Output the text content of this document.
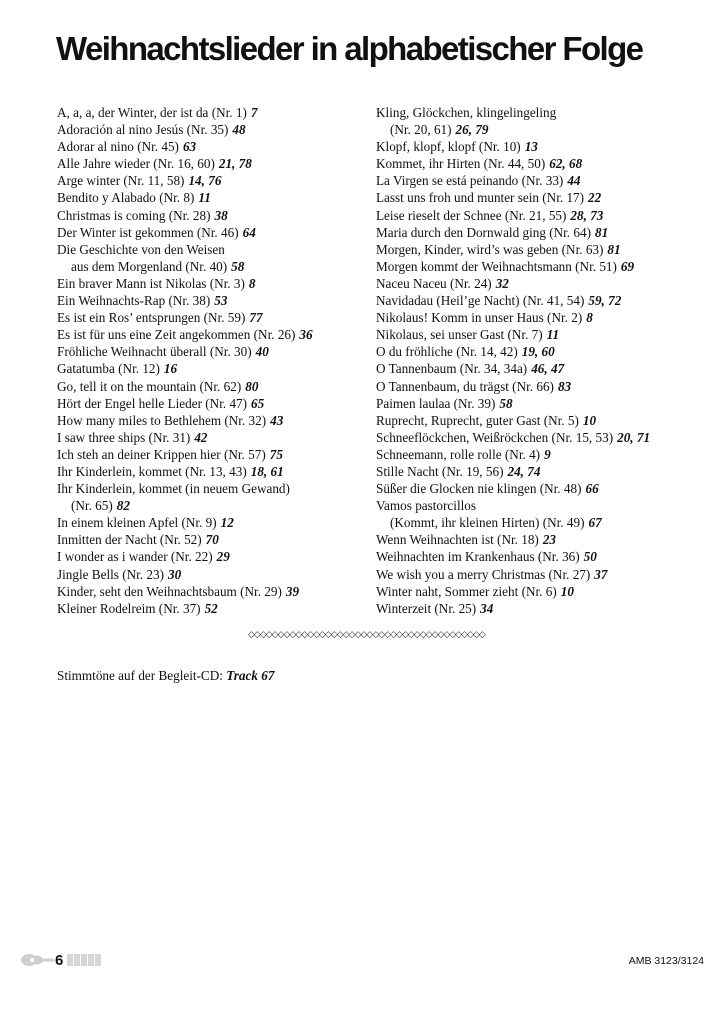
Weihnachtslieder in alphabetischer Folge
A, a, a, der Winter, der ist da (Nr. 1) 7
Adoración al nino Jesús (Nr. 35) 48
Adorar al nino (Nr. 45) 63
Alle Jahre wieder (Nr. 16, 60) 21, 78
Arge winter (Nr. 11, 58) 14, 76
Bendito y Alabado (Nr. 8) 11
Christmas is coming (Nr. 28) 38
Der Winter ist gekommen (Nr. 46) 64
Die Geschichte von den Weisen
aus dem Morgenland (Nr. 40) 58
Ein braver Mann ist Nikolas (Nr. 3) 8
Ein Weihnachts-Rap (Nr. 38) 53
Es ist ein Ros’ entsprungen (Nr. 59) 77
Es ist für uns eine Zeit angekommen (Nr. 26) 36
Fröhliche Weihnacht überall (Nr. 30) 40
Gatatumba (Nr. 12) 16
Go, tell it on the mountain (Nr. 62) 80
Hört der Engel helle Lieder (Nr. 47) 65
How many miles to Bethlehem (Nr. 32) 43
I saw three ships (Nr. 31) 42
Ich steh an deiner Krippen hier (Nr. 57) 75
Ihr Kinderlein, kommet (Nr. 13, 43) 18, 61
Ihr Kinderlein, kommet (in neuem Gewand)
(Nr. 65) 82
In einem kleinen Apfel (Nr. 9) 12
Inmitten der Nacht (Nr. 52) 70
I wonder as i wander (Nr. 22) 29
Jingle Bells (Nr. 23) 30
Kinder, seht den Weihnachtsbaum (Nr. 29) 39
Kleiner Rodelreim (Nr. 37) 52
Kling, Glöckchen, klingelingeling
(Nr. 20, 61) 26, 79
Klopf, klopf, klopf (Nr. 10) 13
Kommet, ihr Hirten (Nr. 44, 50) 62, 68
La Virgen se está peinando (Nr. 33) 44
Lasst uns froh und munter sein (Nr. 17) 22
Leise rieselt der Schnee (Nr. 21, 55) 28, 73
Maria durch den Dornwald ging (Nr. 64) 81
Morgen, Kinder, wird’s was geben (Nr. 63) 81
Morgen kommt der Weihnachtsmann (Nr. 51) 69
Naceu Naceu (Nr. 24) 32
Navidadau (Heil’ge Nacht) (Nr. 41, 54) 59, 72
Nikolaus! Komm in unser Haus (Nr. 2) 8
Nikolaus, sei unser Gast (Nr. 7) 11
O du fröhliche (Nr. 14, 42) 19, 60
O Tannenbaum (Nr. 34, 34a) 46, 47
O Tannenbaum, du trägst (Nr. 66) 83
Paimen laulaa (Nr. 39) 58
Ruprecht, Ruprecht, guter Gast (Nr. 5) 10
Schneeflöckchen, Weißröckchen (Nr. 15, 53) 20, 71
Schneemann, rolle rolle (Nr. 4) 9
Stille Nacht (Nr. 19, 56) 24, 74
Süßer die Glocken nie klingen (Nr. 48) 66
Vamos pastorcillos
(Kommt, ihr kleinen Hirten) (Nr. 49) 67
Wenn Weihnachten ist (Nr. 18) 23
Weihnachten im Krankenhaus (Nr. 36) 50
We wish you a merry Christmas (Nr. 27) 37
Winter naht, Sommer zieht (Nr. 6) 10
Winterzeit (Nr. 25) 34
◇◇◇◇◇◇◇◇◇◇◇◇◇◇◇◇◇◇◇◇◇◇◇◇◇◇◇◇◇◇◇◇◇◇◇◇◇◇◇◇
Stimmtöne auf der Begleit-CD: Track 67
6	AMB 3123/3124
